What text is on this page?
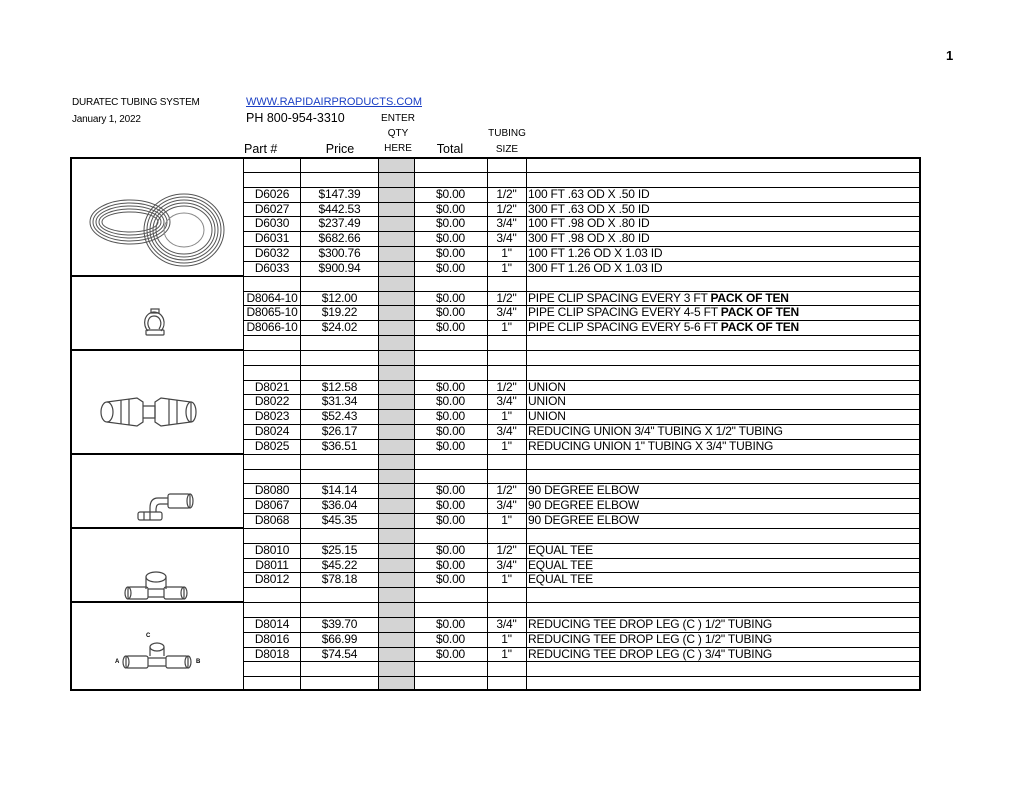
1
DURATEC TUBING SYSTEM
January 1, 2022
WWW.RAPIDAIRPRODUCTS.COM
PH 800-954-3310	ENTER
QTY
HERE
TUBING
SIZE
Part #	Price	Total
D6026	$147.39	$0.00	1/2" 100 FT .63 OD X .50 ID
D6027	$442.53	$0.00	1/2" 300 FT .63 OD X .50 ID
D6030	$237.49	$0.00	3/4" 100 FT .98 OD X .80 ID
D6031	$682.66	$0.00	3/4" 300 FT .98 OD X .80 ID
D6032	$300.76	$0.00	1"	100 FT 1.26 OD X 1.03 ID
D6033	$900.94	$0.00	1"	300 FT 1.26 OD X 1.03 ID
D8064-10	$12.00	$0.00	1/2" PIPE CLIP SPACING EVERY 3 FT PACK OF TEN
D8065-10	$19.22	$0.00	3/4" PIPE CLIP SPACING EVERY 4-5 FT PACK OF TEN
D8066-10	$24.02	$0.00	1"	PIPE CLIP SPACING EVERY 5-6 FT PACK OF TEN
D8021	$12.58	$0.00	1/2" UNION
D8022	$31.34	$0.00	3/4" UNION
D8023	$52.43	$0.00	1"	UNION
D8024	$26.17	$0.00	3/4" REDUCING UNION 3/4" TUBING X 1/2" TUBING
D8025	$36.51	$0.00	1"	REDUCING UNION 1" TUBING X 3/4" TUBING
D8080	$14.14	$0.00	1/2" 90 DEGREE ELBOW
D8067	$36.04	$0.00	3/4" 90 DEGREE ELBOW
D8068	$45.35	$0.00	1"	90 DEGREE ELBOW
D8010	$25.15	$0.00	1/2" EQUAL TEE
D8011	$45.22	$0.00	3/4" EQUAL TEE
D8012	$78.18	$0.00	1"	EQUAL TEE
D8014	$39.70	$0.00	3/4" REDUCING TEE DROP LEG (C ) 1/2" TUBING
D8016	$66.99	$0.00	1"	REDUCING TEE DROP LEG (C ) 1/2" TUBING
D8018	$74.54	$0.00	1"	REDUCING TEE DROP LEG (C ) 3/4" TUBING
C
A	B
